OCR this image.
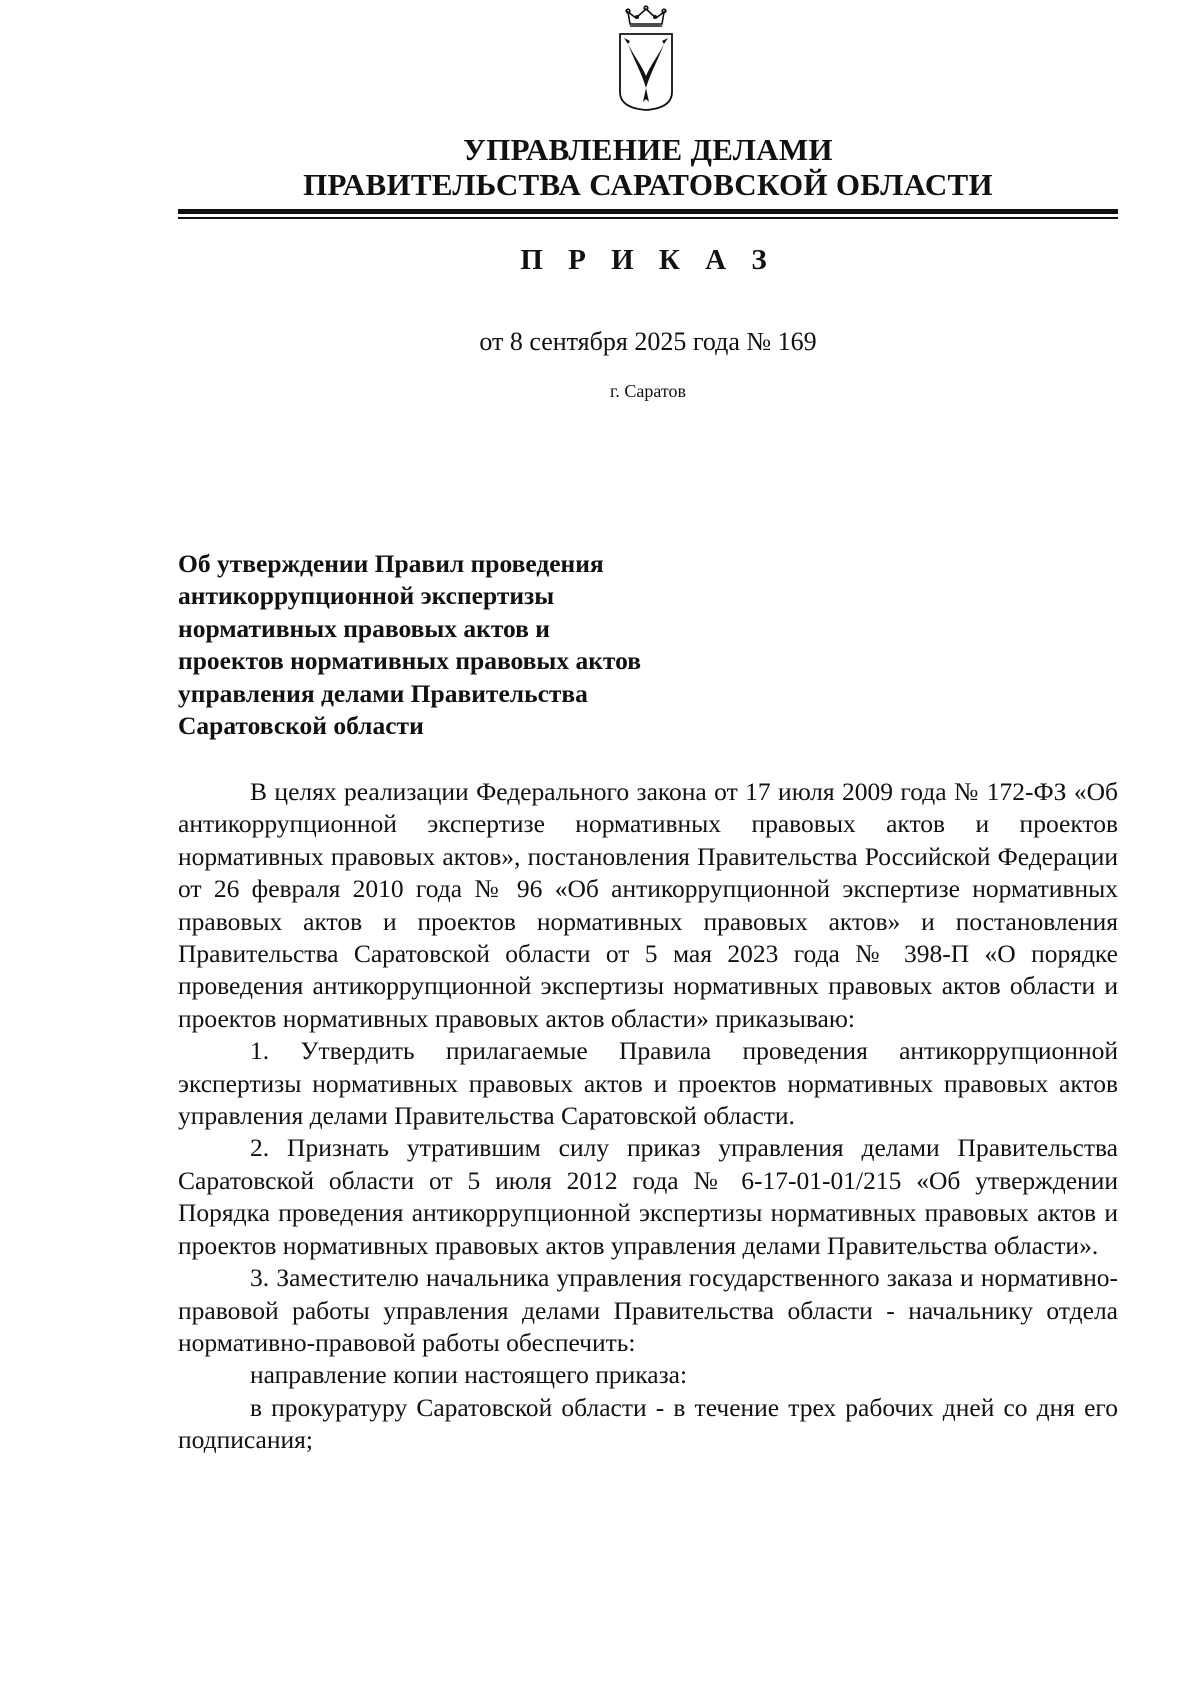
УПРАВЛЕНИЕ ДЕЛАМИ
ПРАВИТЕЛЬСТВА САРАТОВСКОЙ ОБЛАСТИ
П Р И К А З
от 8 сентября 2025 года № 169
г. Саратов
Об утверждении Правил проведения
антикоррупционной экспертизы
нормативных правовых актов и
проектов нормативных правовых актов
управления делами Правительства
Саратовской области

В целях реализации Федерального закона от 17 июля 2009 года № 172-ФЗ «Об антикоррупционной экспертизе нормативных правовых актов и проектов нормативных правовых актов», постановления Правительства Российской Федерации от 26 февраля 2010 года № 96 «Об антикоррупционной экспертизе нормативных правовых актов и проектов нормативных правовых актов» и постановления Правительства Саратовской области от 5 мая 2023 года № 398-П «О порядке проведения антикоррупционной экспертизы нормативных правовых актов области и проектов нормативных правовых актов области» приказываю:

1. Утвердить прилагаемые Правила проведения антикоррупционной экспертизы нормативных правовых актов и проектов нормативных правовых актов управления делами Правительства Саратовской области.

2. Признать утратившим силу приказ управления делами Правительства Саратовской области от 5 июля 2012 года № 6-17-01-01/215 «Об утверждении Порядка проведения антикоррупционной экспертизы нормативных правовых актов и проектов нормативных правовых актов управления делами Правительства области».

3. Заместителю начальника управления государственного заказа и нормативно-правовой работы управления делами Правительства области - начальнику отдела нормативно-правовой работы обеспечить:

направление копии настоящего приказа:

в прокуратуру Саратовской области - в течение трех рабочих дней со дня его подписания;
